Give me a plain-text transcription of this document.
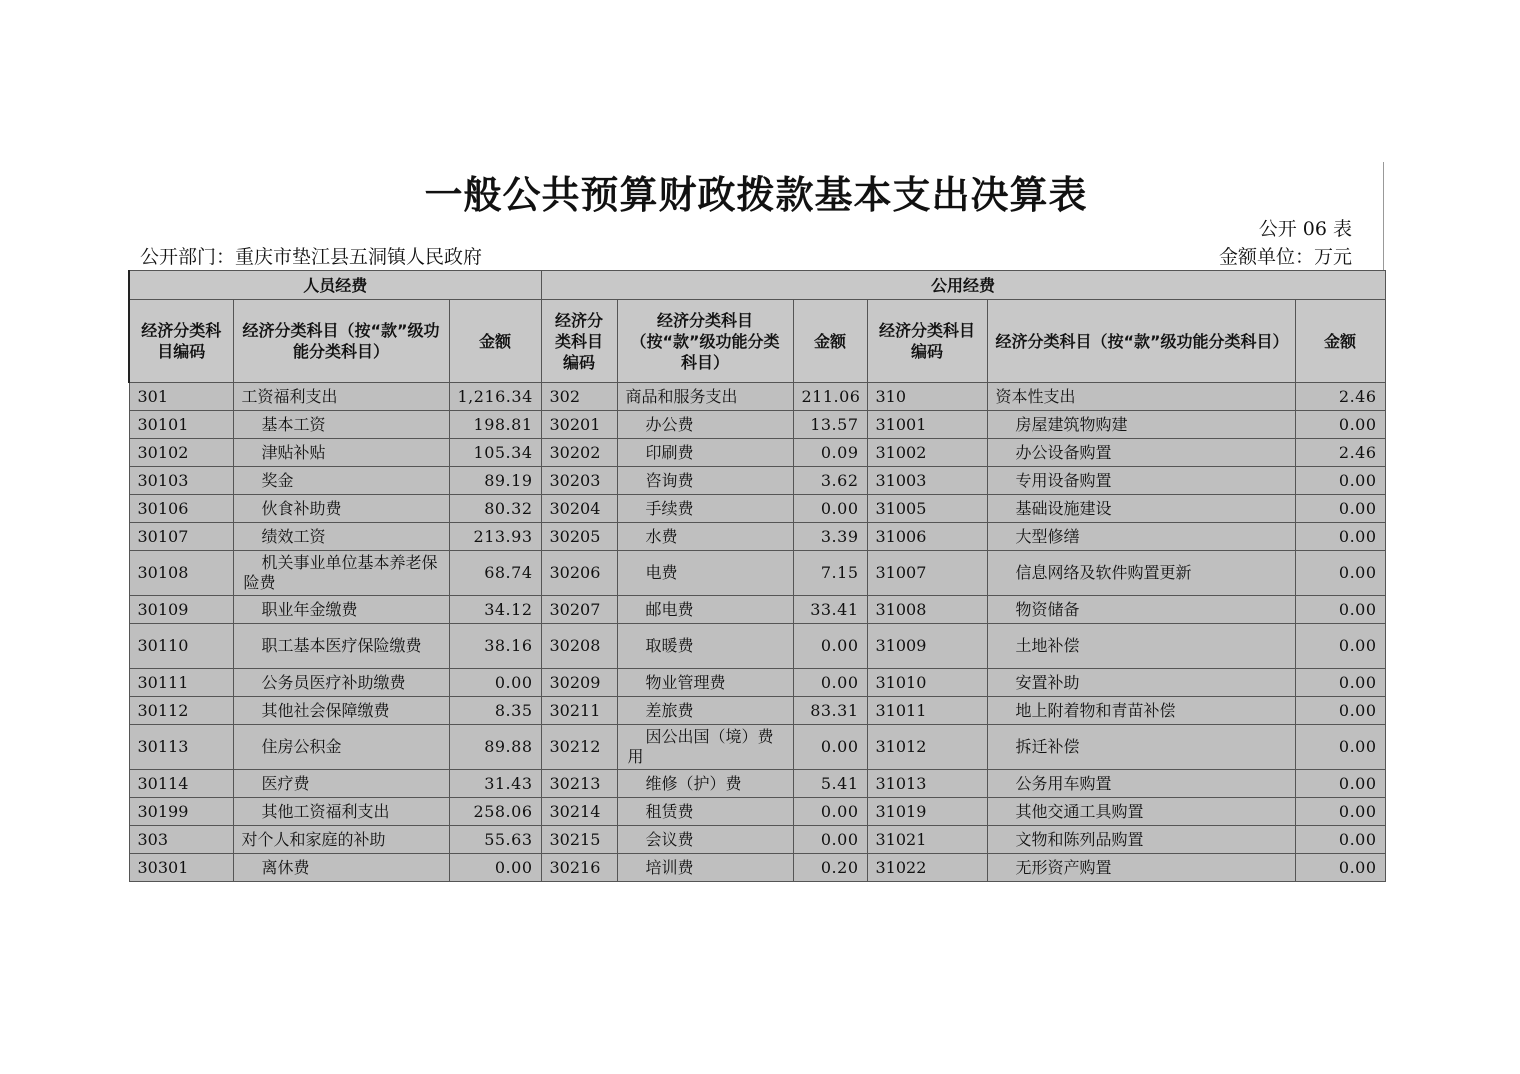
一般公共预算财政拨款基本支出决算表
公开 06 表
公开部门：重庆市垫江县五洞镇人民政府	金额单位：万元
人员经费			公用经费					
经济分类科目编码	经济分类科目（按“款”级功能分类科目）	金额	经济分类科目编码	经济分类科目（按“款”级功能分类科目）	金额	经济分类科目编码	经济分类科目（按“款”级功能分类科目）	金额
301	工资福利支出	1,216.34	302	商品和服务支出	211.06	310	资本性支出	2.46
30101	基本工资	198.81	30201	办公费	13.57	31001	房屋建筑物购建	0.00
30102	津贴补贴	105.34	30202	印刷费	0.09	31002	办公设备购置	2.46
30103	奖金	89.19	30203	咨询费	3.62	31003	专用设备购置	0.00
30106	伙食补助费	80.32	30204	手续费	0.00	31005	基础设施建设	0.00
30107	绩效工资	213.93	30205	水费	3.39	31006	大型修缮	0.00
30108	机关事业单位基本养老保险费	68.74	30206	电费	7.15	31007	信息网络及软件购置更新	0.00
30109	职业年金缴费	34.12	30207	邮电费	33.41	31008	物资储备	0.00
30110	职工基本医疗保险缴费	38.16	30208	取暖费	0.00	31009	土地补偿	0.00
30111	公务员医疗补助缴费	0.00	30209	物业管理费	0.00	31010	安置补助	0.00
30112	其他社会保障缴费	8.35	30211	差旅费	83.31	31011	地上附着物和青苗补偿	0.00
30113	住房公积金	89.88	30212	因公出国（境）费用	0.00	31012	拆迁补偿	0.00
30114	医疗费	31.43	30213	维修（护）费	5.41	31013	公务用车购置	0.00
30199	其他工资福利支出	258.06	30214	租赁费	0.00	31019	其他交通工具购置	0.00
303	对个人和家庭的补助	55.63	30215	会议费	0.00	31021	文物和陈列品购置	0.00
30301	离休费	0.00	30216	培训费	0.20	31022	无形资产购置	0.00
